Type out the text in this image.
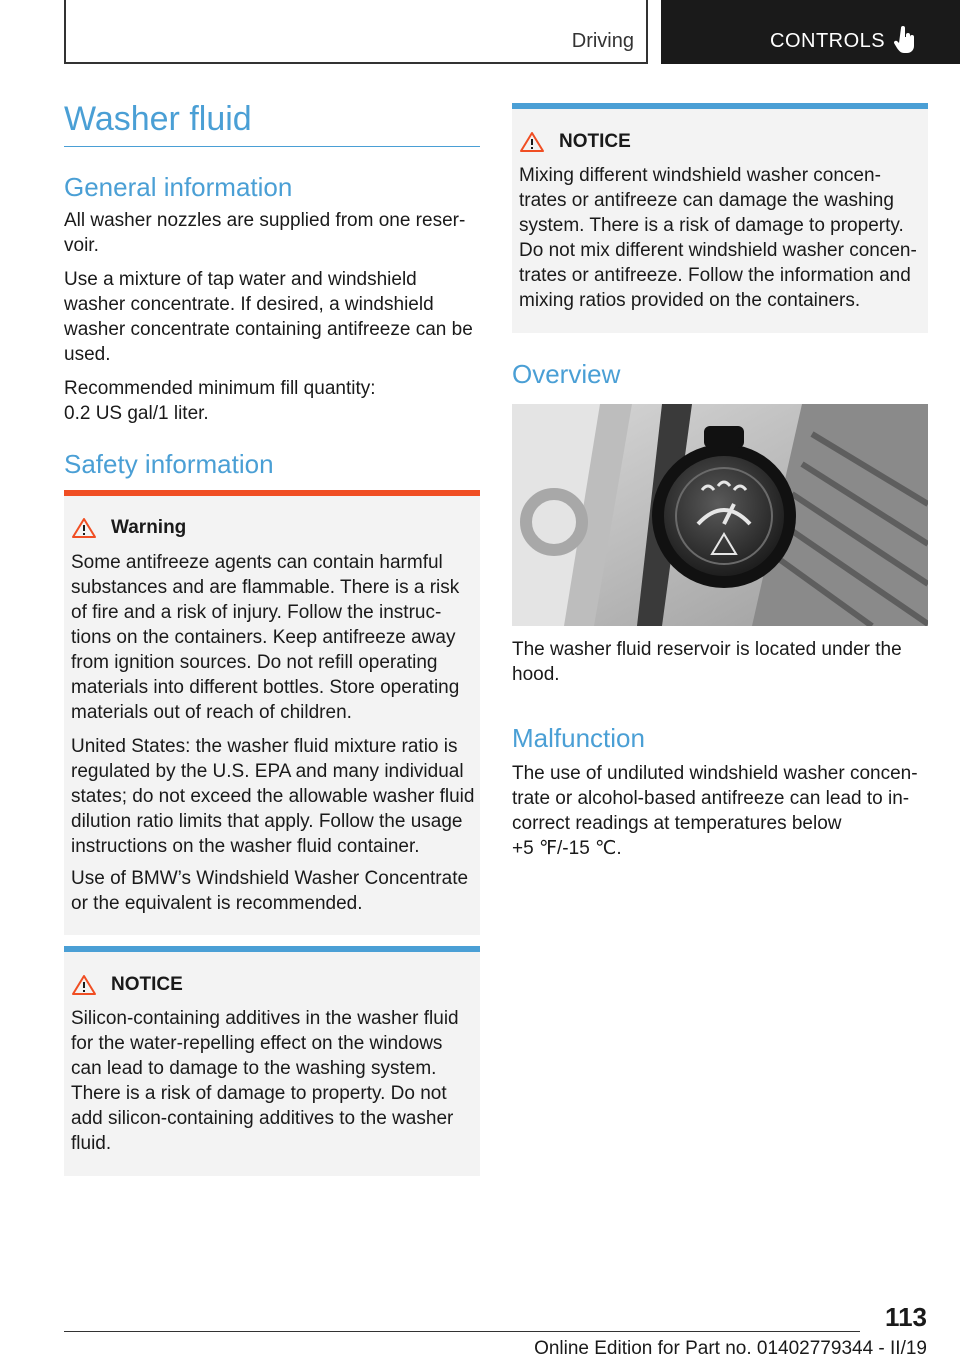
Driving	CONTROLS
Washer fluid
General information

All washer nozzles are supplied from one reser‐
voir.

Use a mixture of tap water and windshield
washer concentrate. If desired, a windshield
washer concentrate containing antifreeze can be
used.

Recommended minimum fill quantity:
0.2 US gal/1 liter.

Safety information
Warning

Some antifreeze agents can contain harmful
substances and are flammable. There is a risk
of fire and a risk of injury. Follow the instruc‐
tions on the containers. Keep antifreeze away
from ignition sources. Do not refill operating
materials into different bottles. Store operating
materials out of reach of children.

United States: the washer fluid mixture ratio is
regulated by the U.S. EPA and many individual
states; do not exceed the allowable washer fluid
dilution ratio limits that apply. Follow the usage
instructions on the washer fluid container.

Use of BMW’s Windshield Washer Concentrate
or the equivalent is recommended.

NOTICE

Silicon-containing additives in the washer fluid
for the water-repelling effect on the windows
can lead to damage to the washing system.
There is a risk of damage to property. Do not
add silicon-containing additives to the washer
fluid.

NOTICE

Mixing different windshield washer concen‐
trates or antifreeze can damage the washing
system. There is a risk of damage to property.
Do not mix different windshield washer concen‐
trates or antifreeze. Follow the information and
mixing ratios provided on the containers.

Overview

The washer fluid reservoir is located under the
hood.

Malfunction

The use of undiluted windshield washer concen‐
trate or alcohol-based antifreeze can lead to in‐
correct readings at temperatures below
+5 ℉/-15 ℃.

113
Online Edition for Part no. 01402779344 - II/19
